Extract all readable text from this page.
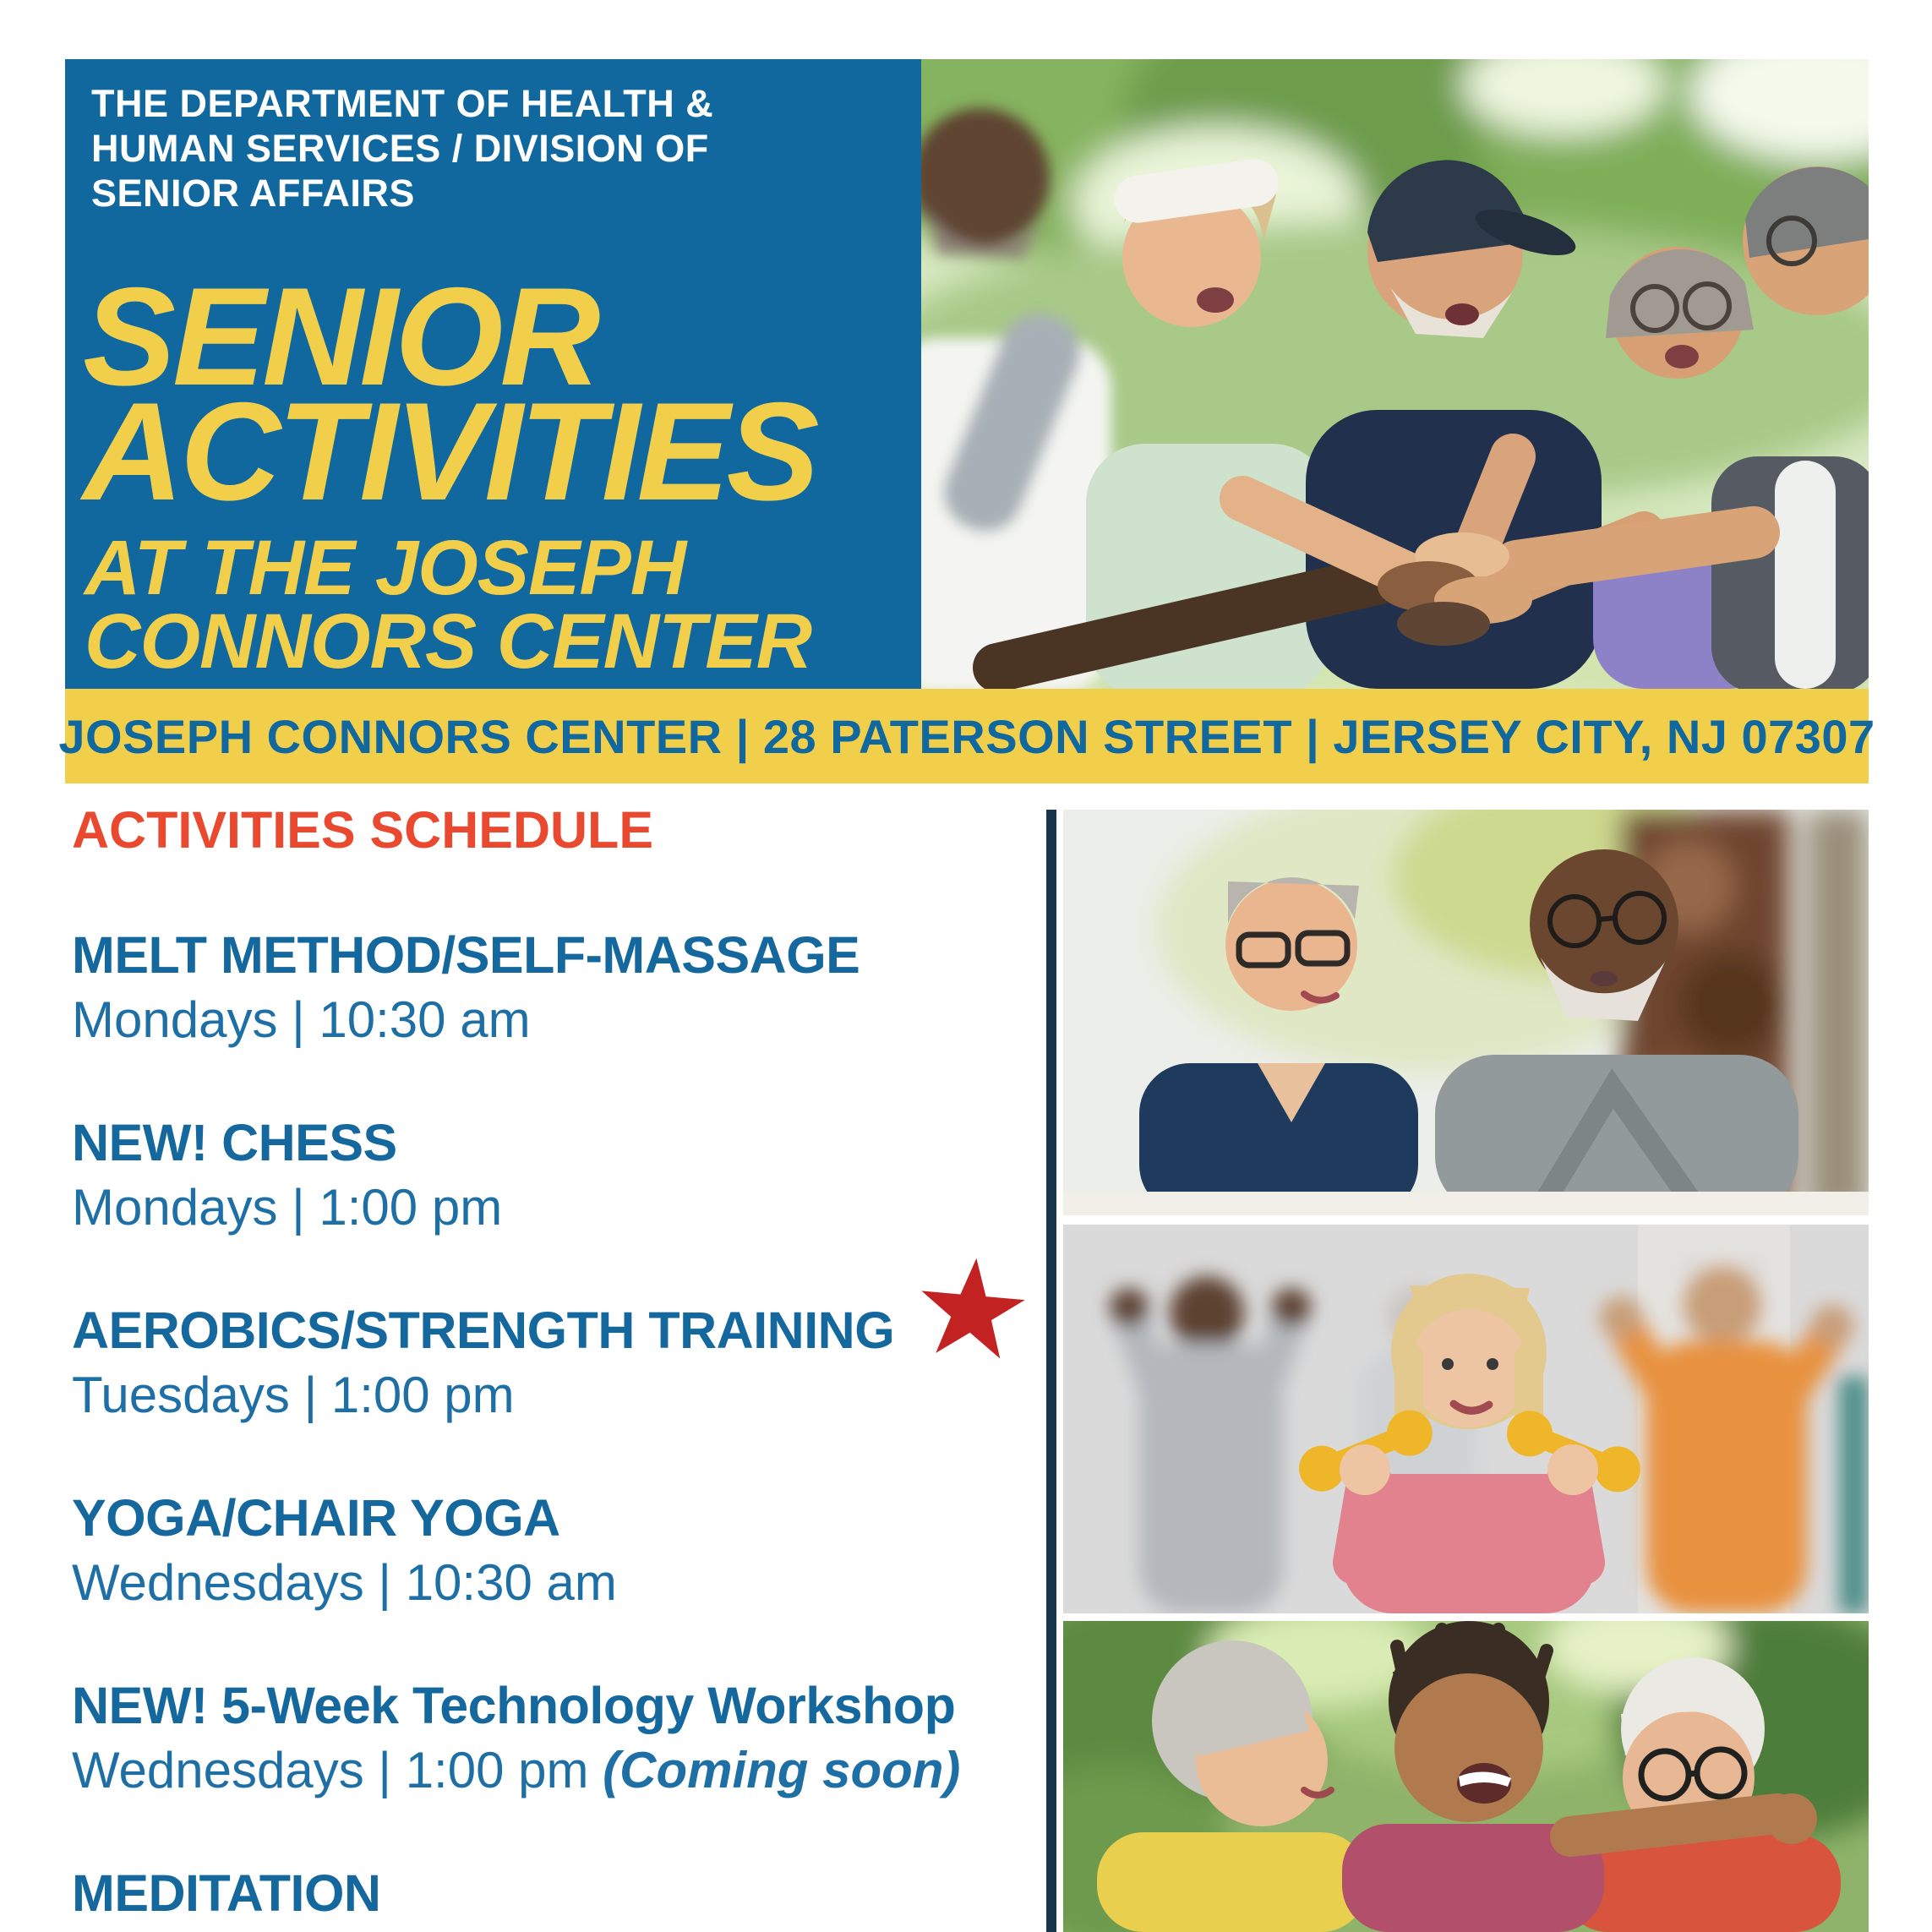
THE DEPARTMENT OF HEALTH &
HUMAN SERVICES / DIVISION OF
SENIOR AFFAIRS
SENIOR
ACTIVITIES
AT THE JOSEPH
CONNORS CENTER
JOSEPH CONNORS CENTER | 28 PATERSON STREET | JERSEY CITY, NJ 07307
ACTIVITIES SCHEDULE
MELT METHOD/SELF-MASSAGE
Mondays | 10:30 am
NEW! CHESS
Mondays | 1:00 pm
AEROBICS/STRENGTH TRAINING
Tuesdays | 1:00 pm
YOGA/CHAIR YOGA
Wednesdays | 10:30 am
NEW! 5-Week Technology Workshop
Wednesdays | 1:00 pm (Coming soon)
MEDITATION
